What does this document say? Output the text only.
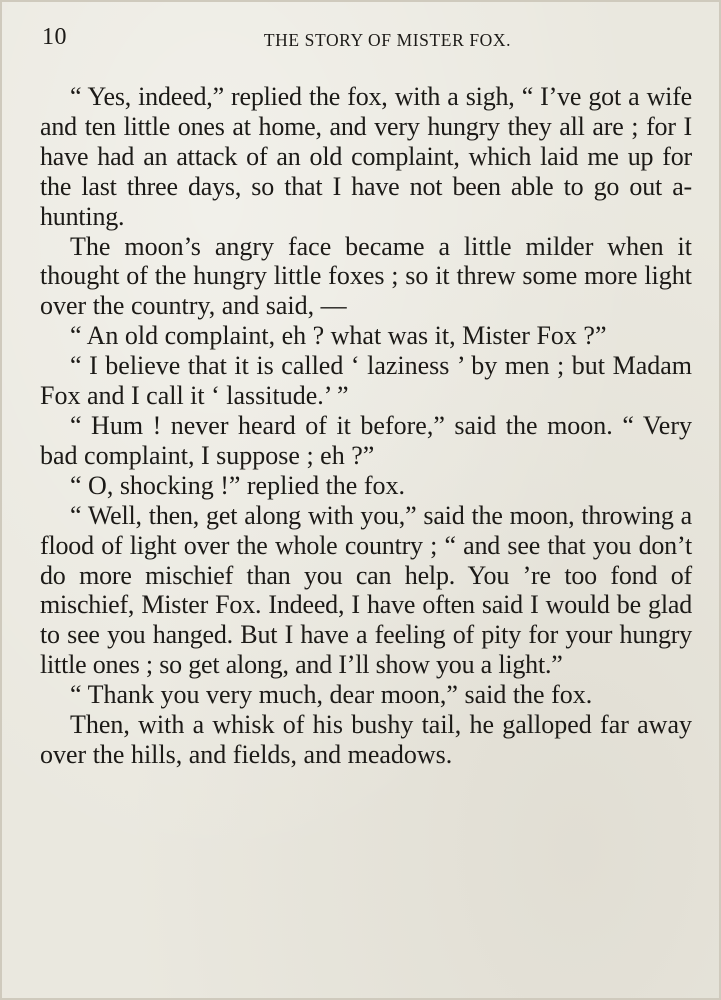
10	THE STORY OF MISTER FOX.

“ Yes, indeed,” replied the fox, with a sigh, “ I’ve got a wife and ten little ones at home, and very hungry they all are ; for I have had an attack of an old complaint, which laid me up for the last three days, so that I have not been able to go out a-hunting.

The moon’s angry face became a little milder when it thought of the hungry little foxes ; so it threw some more light over the country, and said, —

“ An old complaint, eh ? what was it, Mister Fox ?”

“ I believe that it is called ‘ laziness ’ by men ; but Madam Fox and I call it ‘ lassitude.’ ”

“ Hum ! never heard of it before,” said the moon. “ Very bad complaint, I suppose ; eh ?”

“ O, shocking !” replied the fox.

“ Well, then, get along with you,” said the moon, throwing a flood of light over the whole country ; “ and see that you don’t do more mischief than you can help. You ’re too fond of mischief, Mister Fox. Indeed, I have often said I would be glad to see you hanged. But I have a feeling of pity for your hungry little ones ; so get along, and I’ll show you a light.”

“ Thank you very much, dear moon,” said the fox.

Then, with a whisk of his bushy tail, he galloped far away over the hills, and fields, and meadows.
